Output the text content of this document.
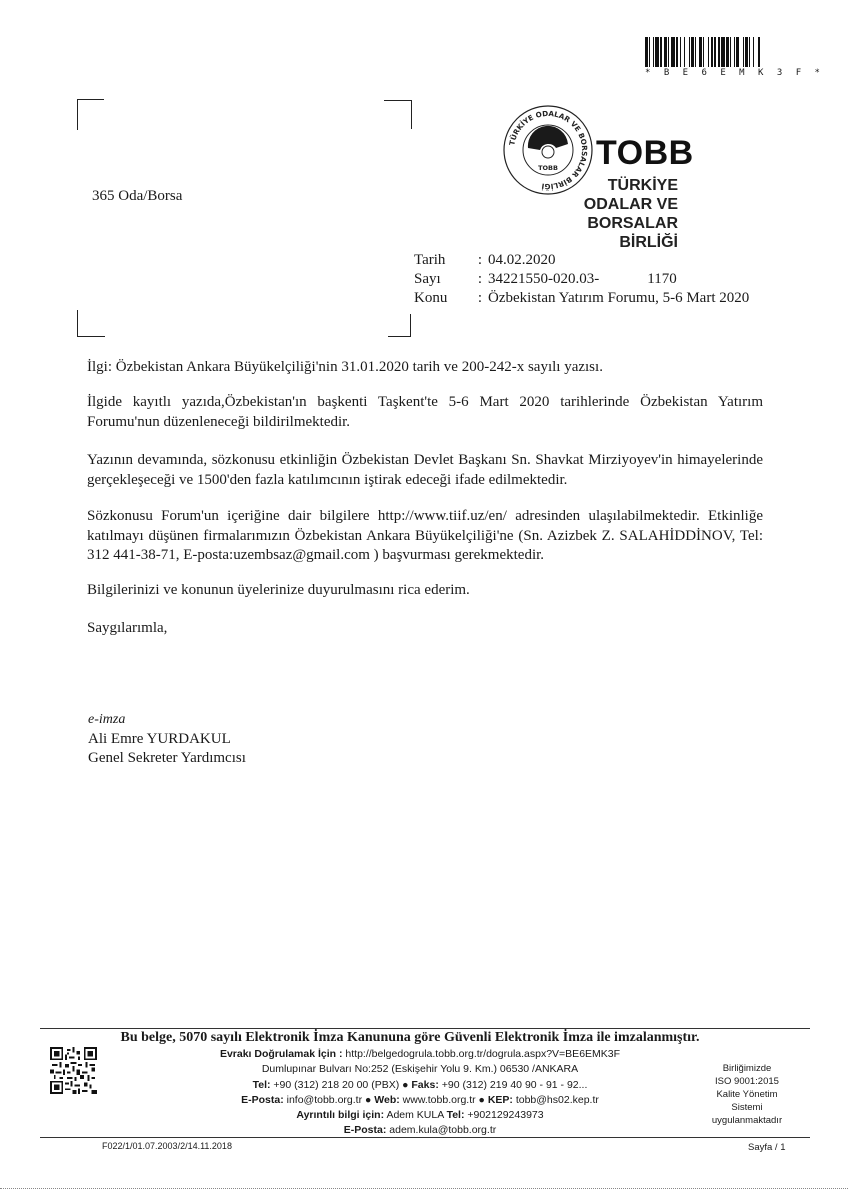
* B E 6 E M K 3 F *
TÜRKİYE ODALAR VE BORSALAR BİRLİĞİ
TOBB TOBB
TÜRKİYE
ODALAR VE BORSALAR
BİRLİĞİ
365 Oda/Borsa
Tarih	:	04.02.2020
Sayı	:	34221550-020.03- 1170
Konu	:	Özbekistan Yatırım Forumu, 5-6 Mart 2020
İlgi: Özbekistan Ankara Büyükelçiliği'nin 31.01.2020 tarih ve 200-242-x sayılı yazısı.
İlgide kayıtlı yazıda,Özbekistan'ın başkenti Taşkent'te 5-6 Mart 2020 tarihlerinde Özbekistan Yatırım Forumu'nun düzenleneceği bildirilmektedir.
Yazının devamında, sözkonusu etkinliğin Özbekistan Devlet Başkanı Sn. Shavkat Mirziyoyev'in himayelerinde gerçekleşeceği ve 1500'den fazla katılımcının iştirak edeceği ifade edilmektedir.
Sözkonusu Forum'un içeriğine dair bilgilere http://www.tiif.uz/en/ adresinden ulaşılabilmektedir. Etkinliğe katılmayı düşünen firmalarımızın Özbekistan Ankara Büyükelçiliği'ne (Sn. Azizbek Z. SALAHİDDİNOV, Tel: 312 441-38-71, E-posta:uzembsaz@gmail.com ) başvurması gerekmektedir.
Bilgilerinizi ve konunun üyelerinize duyurulmasını rica ederim.
Saygılarımla,
e-imza
Ali Emre YURDAKUL
Genel Sekreter Yardımcısı
Bu belge, 5070 sayılı Elektronik İmza Kanununa göre Güvenli Elektronik İmza ile imzalanmıştır.
Evrakı Doğrulamak İçin : http://belgedogrula.tobb.org.tr/dogrula.aspx?V=BE6EMK3F
Dumlupınar Bulvarı No:252 (Eskişehir Yolu 9. Km.) 06530 /ANKARA
Tel: +90 (312) 218 20 00 (PBX) ● Faks: +90 (312) 219 40 90 - 91 - 92...
E-Posta: info@tobb.org.tr ● Web: www.tobb.org.tr ● KEP: tobb@hs02.kep.tr
Ayrıntılı bilgi için: Adem KULA Tel: +902129243973
E-Posta: adem.kula@tobb.org.tr
Birliğimizde
ISO 9001:2015
Kalite Yönetim
Sistemi
uygulanmaktadır
F022/1/01.07.2003/2/14.11.2018	Sayfa / 1
